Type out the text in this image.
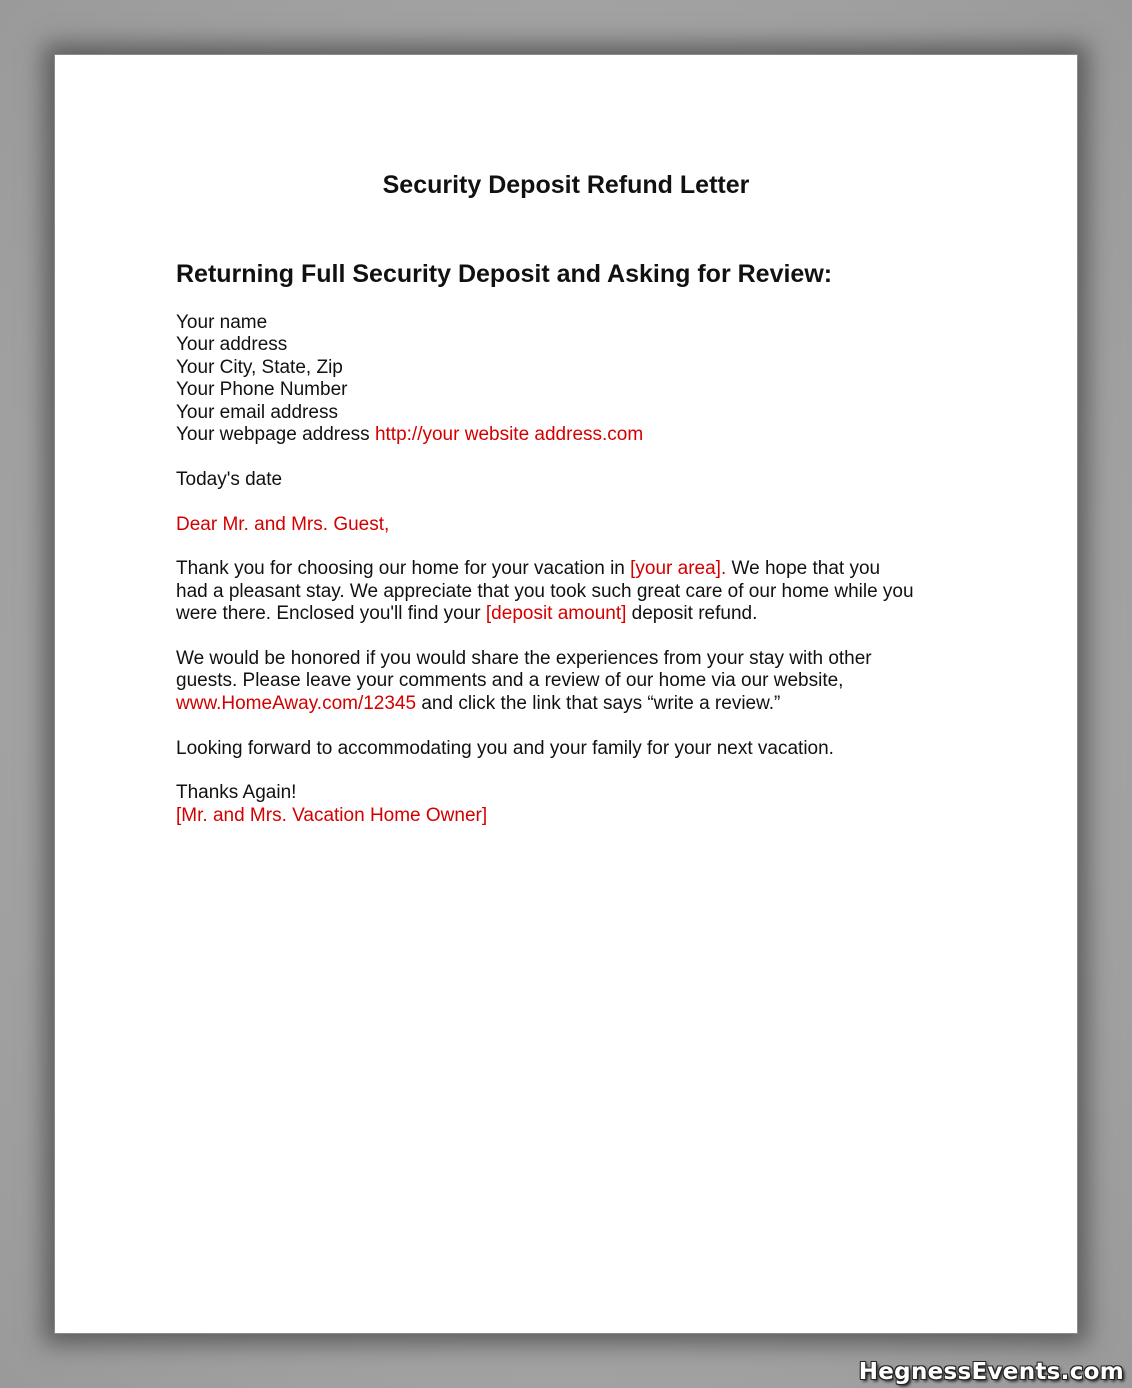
Security Deposit Refund Letter
Returning Full Security Deposit and Asking for Review:
Your name
Your address
Your City, State, Zip
Your Phone Number
Your email address
Your webpage address http://your website address.com
Today's date
Dear Mr. and Mrs. Guest,
Thank you for choosing our home for your vacation in [your area]. We hope that you
had a pleasant stay. We appreciate that you took such great care of our home while you
were there. Enclosed you'll find your [deposit amount] deposit refund.
We would be honored if you would share the experiences from your stay with other
guests. Please leave your comments and a review of our home via our website,
www.HomeAway.com/12345 and click the link that says “write a review.”
Looking forward to accommodating you and your family for your next vacation.
Thanks Again!
[Mr. and Mrs. Vacation Home Owner]
HegnessEvents.com
